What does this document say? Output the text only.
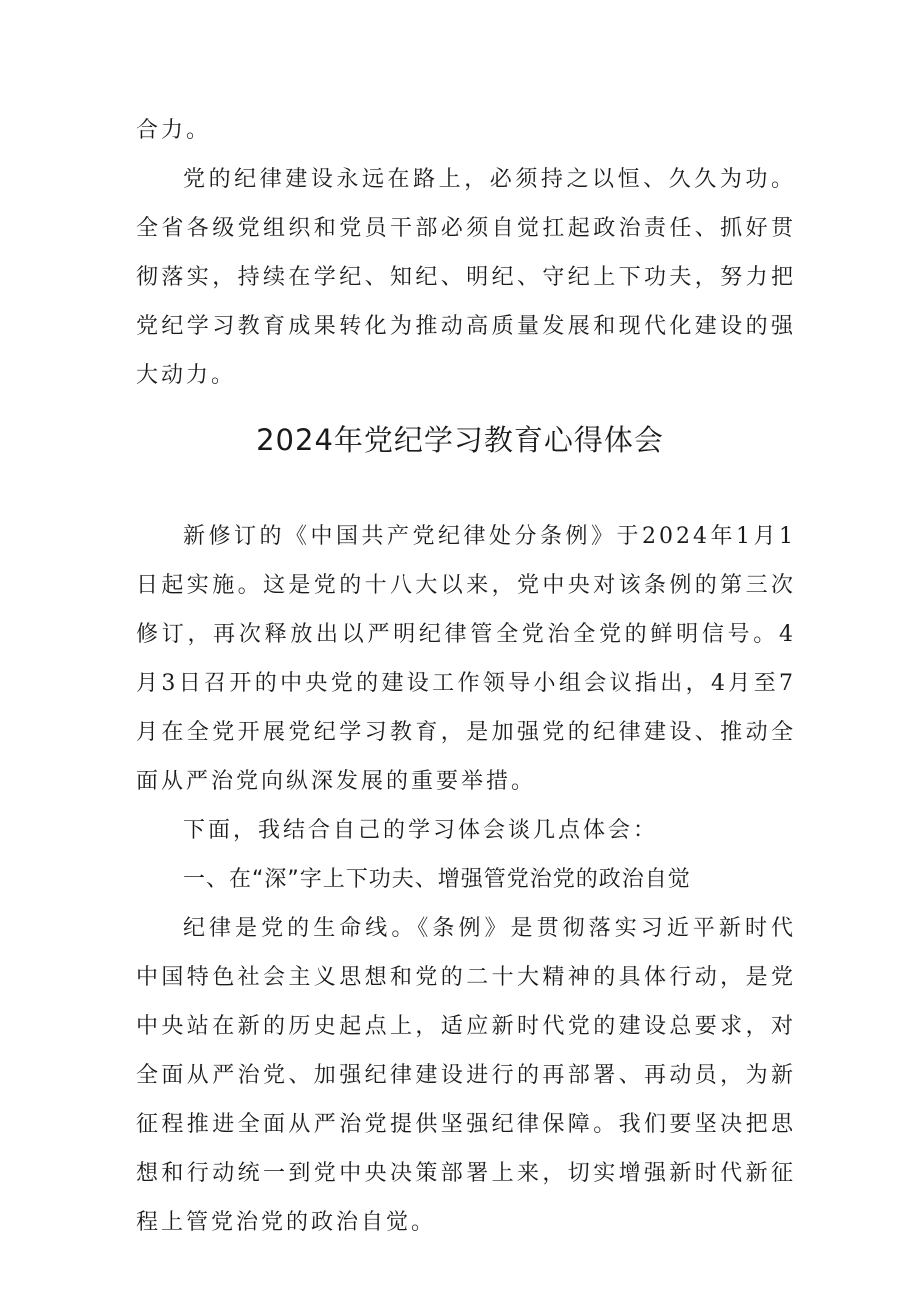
合力。

党的纪律建设永远在路上，必须持之以恒、久久为功。全省各级党组织和党员干部必须自觉扛起政治责任、抓好贯彻落实，持续在学纪、知纪、明纪、守纪上下功夫，努力把党纪学习教育成果转化为推动高质量发展和现代化建设的强大动力。

2024年党纪学习教育心得体会

新修订的《中国共产党纪律处分条例》于2024年1月1日起实施。这是党的十八大以来，党中央对该条例的第三次修订，再次释放出以严明纪律管全党治全党的鲜明信号。4月3日召开的中央党的建设工作领导小组会议指出，4月至7月在全党开展党纪学习教育，是加强党的纪律建设、推动全面从严治党向纵深发展的重要举措。

下面，我结合自己的学习体会谈几点体会：

一、在“深”字上下功夫、增强管党治党的政治自觉

纪律是党的生命线。《条例》是贯彻落实习近平新时代中国特色社会主义思想和党的二十大精神的具体行动，是党中央站在新的历史起点上，适应新时代党的建设总要求，对全面从严治党、加强纪律建设进行的再部署、再动员，为新征程推进全面从严治党提供坚强纪律保障。我们要坚决把思想和行动统一到党中央决策部署上来，切实增强新时代新征程上管党治党的政治自觉。
